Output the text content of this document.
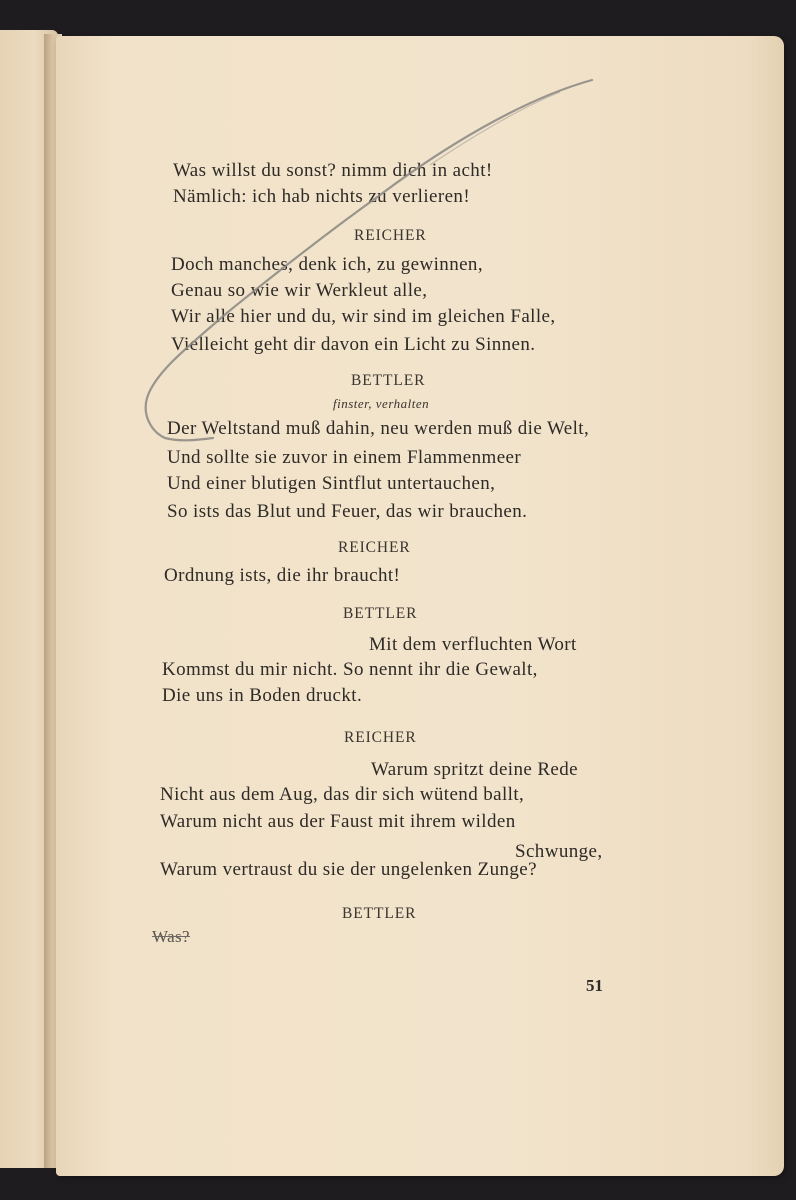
Was willst du sonst? nimm dich in acht!
Nämlich: ich hab nichts zu verlieren!
REICHER
Doch manches, denk ich, zu gewinnen,
Genau so wie wir Werkleut alle,
Wir alle hier und du, wir sind im gleichen Falle,
Vielleicht geht dir davon ein Licht zu Sinnen.
BETTLER
finster, verhalten
Der Weltstand muß dahin, neu werden muß die Welt,
Und sollte sie zuvor in einem Flammenmeer
Und einer blutigen Sintflut untertauchen,
So ists das Blut und Feuer, das wir brauchen.
REICHER
Ordnung ists, die ihr braucht!
BETTLER
Mit dem verfluchten Wort
Kommst du mir nicht. So nennt ihr die Gewalt,
Die uns in Boden druckt.
REICHER
Warum spritzt deine Rede
Nicht aus dem Aug, das dir sich wütend ballt,
Warum nicht aus der Faust mit ihrem wilden
Schwunge,
Warum vertraust du sie der ungelenken Zunge?
BETTLER
Was?
51
